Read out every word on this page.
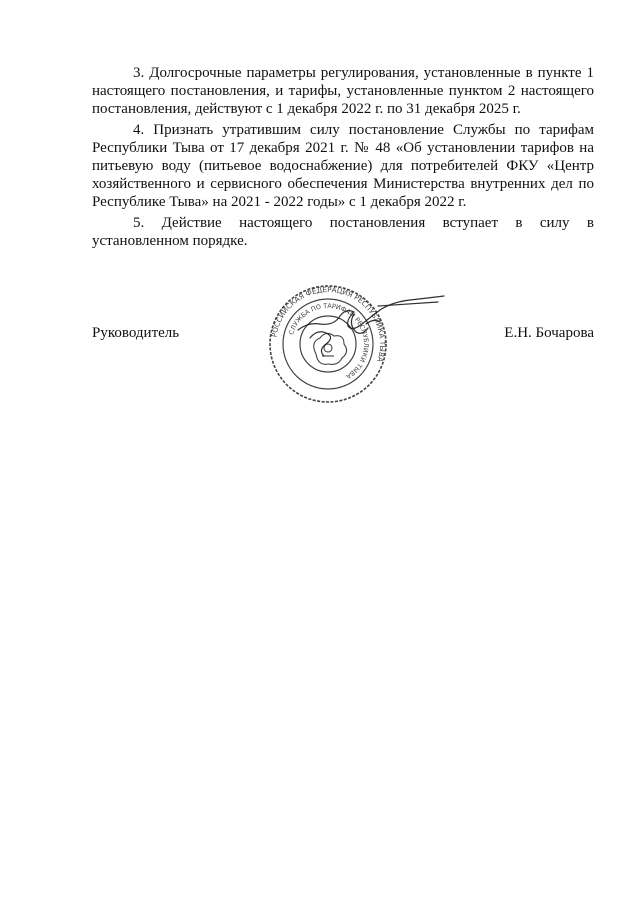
3. Долгосрочные параметры регулирования, установленные в пункте 1 настоящего постановления, и тарифы, установленные пунктом 2 настоящего постановления, действуют с 1 декабря 2022 г. по 31 декабря 2025 г.

4. Признать утратившим силу постановление Службы по тарифам Республики Тыва от 17 декабря 2021 г. № 48 «Об установлении тарифов на питьевую воду (питьевое водоснабжение) для потребителей ФКУ «Центр хозяйственного и сервисного обеспечения Министерства внутренних дел по Республике Тыва» на 2021 - 2022 годы» с 1 декабря 2022 г.

5. Действие настоящего постановления вступает в силу в установленном порядке.

РОССИЙСКАЯ ФЕДЕРАЦИЯ РЕСПУБЛИКА ТЫВА
СЛУЖБА ПО ТАРИФАМ РЕСПУБЛИКИ ТЫВА
Руководитель	Е.Н. Бочарова
